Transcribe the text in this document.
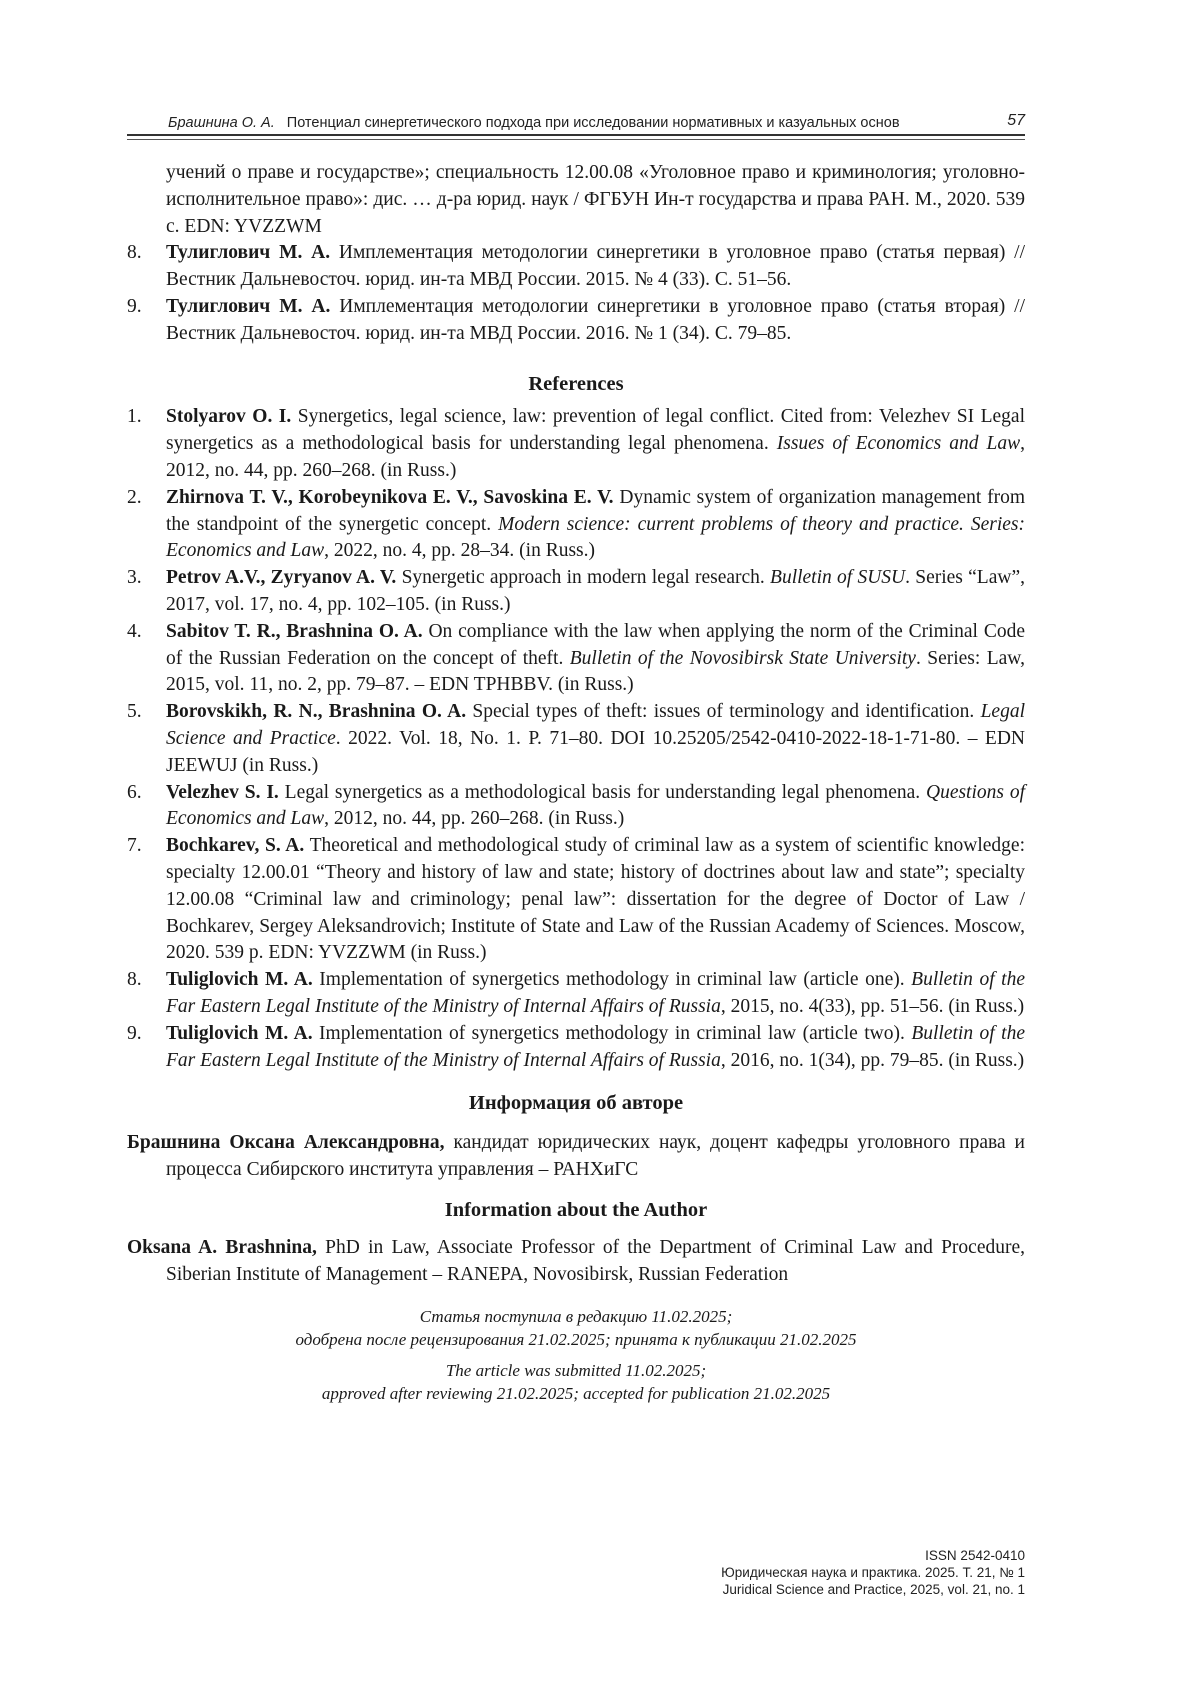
Брашнина О. А. Потенциал синергетического подхода при исследовании нормативных и казуальных основ	57

учений о праве и государстве»; специальность 12.00.08 «Уголовное право и криминология; уголовно-исполнительное право»: дис. … д-ра юрид. наук / ФГБУН Ин-т государства и права РАН. М., 2020. 539 с. EDN: YVZZWM

8. Тулиглович М. А. Имплементация методологии синергетики в уголовное право (статья первая) // Вестник Дальневосточ. юрид. ин-та МВД России. 2015. № 4 (33). С. 51–56.

9. Тулиглович М. А. Имплементация методологии синергетики в уголовное право (статья вторая) // Вестник Дальневосточ. юрид. ин-та МВД России. 2016. № 1 (34). С. 79–85.

References

1. Stolyarov O. I. Synergetics, legal science, law: prevention of legal conflict. Cited from: Velezhev SI Legal synergetics as a methodological basis for understanding legal phenomena. Issues of Economics and Law, 2012, no. 44, pp. 260–268. (in Russ.)

2. Zhirnova T. V., Korobeynikova E. V., Savoskina E. V. Dynamic system of organization management from the standpoint of the synergetic concept. Modern science: current problems of theory and practice. Series: Economics and Law, 2022, no. 4, pp. 28–34. (in Russ.)

3. Petrov A.V., Zyryanov A. V. Synergetic approach in modern legal research. Bulletin of SUSU. Series “Law”, 2017, vol. 17, no. 4, pp. 102–105. (in Russ.)

4. Sabitov T. R., Brashnina O. A. On compliance with the law when applying the norm of the Criminal Code of the Russian Federation on the concept of theft. Bulletin of the Novosibirsk State University. Series: Law, 2015, vol. 11, no. 2, pp. 79–87. – EDN TPHBBV. (in Russ.)

5. Borovskikh, R. N., Brashnina O. A. Special types of theft: issues of terminology and identification. Legal Science and Practice. 2022. Vol. 18, No. 1. P. 71–80. DOI 10.25205/2542-0410-2022-18-1-71-80. – EDN JEEWUJ (in Russ.)

6. Velezhev S. I. Legal synergetics as a methodological basis for understanding legal phenomena. Questions of Economics and Law, 2012, no. 44, pp. 260–268. (in Russ.)

7. Bochkarev, S. A. Theoretical and methodological study of criminal law as a system of scientific knowledge: specialty 12.00.01 “Theory and history of law and state; history of doctrines about law and state”; specialty 12.00.08 “Criminal law and criminology; penal law”: dissertation for the degree of Doctor of Law / Bochkarev, Sergey Aleksandrovich; Institute of State and Law of the Russian Academy of Sciences. Moscow, 2020. 539 p. EDN: YVZZWM (in Russ.)

8. Tuliglovich M. A. Implementation of synergetics methodology in criminal law (article one). Bulletin of the Far Eastern Legal Institute of the Ministry of Internal Affairs of Russia, 2015, no. 4(33), pp. 51–56. (in Russ.)

9. Tuliglovich M. A. Implementation of synergetics methodology in criminal law (article two). Bulletin of the Far Eastern Legal Institute of the Ministry of Internal Affairs of Russia, 2016, no. 1(34), pp. 79–85. (in Russ.)

Информация об авторе

Брашнина Оксана Александровна, кандидат юридических наук, доцент кафедры уголовного права и процесса Сибирского института управления – РАНХиГС

Information about the Author

Oksana A. Brashnina, PhD in Law, Associate Professor of the Department of Criminal Law and Procedure, Siberian Institute of Management – RANEPA, Novosibirsk, Russian Federation

Статья поступила в редакцию 11.02.2025;

одобрена после рецензирования 21.02.2025; принята к публикации 21.02.2025

The article was submitted 11.02.2025;

approved after reviewing 21.02.2025; accepted for publication 21.02.2025

ISSN 2542-0410
Юридическая наука и практика. 2025. Т. 21, № 1
Juridical Science and Practice, 2025, vol. 21, no. 1
